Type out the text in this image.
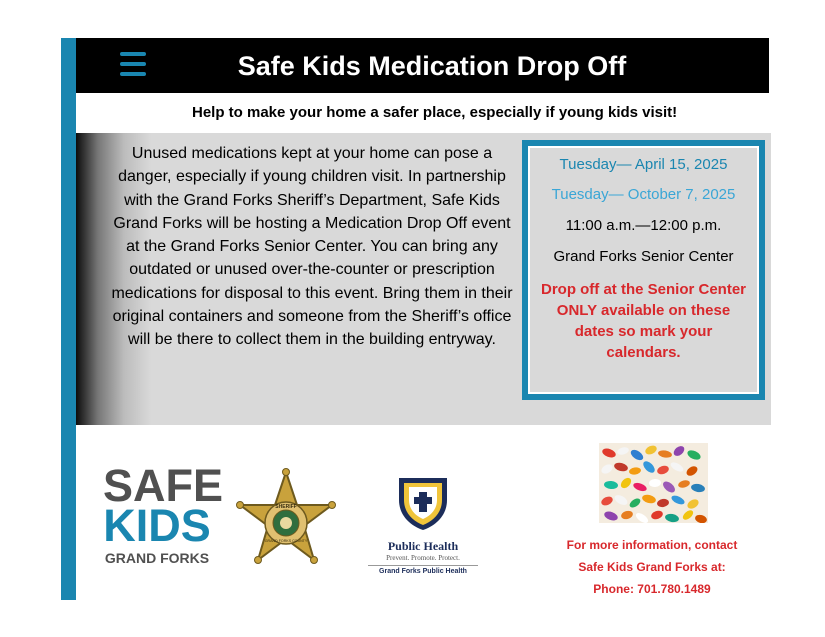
Safe Kids Medication Drop Off
Help to make your home a safer place, especially if young kids visit!
Unused medications kept at your home can pose a danger, especially if young children visit. In partnership with the Grand Forks Sheriff’s Department, Safe Kids Grand Forks will be hosting a Medication Drop Off event at the Grand Forks Senior Center. You can bring any outdated or unused over-the-counter or prescription medications for disposal to this event. Bring them in their original containers and someone from the Sheriff’s office will be there to collect them in the building entryway.
Tuesday— April 15, 2025
Tuesday— October 7, 2025
11:00 a.m.—12:00 p.m.
Grand Forks Senior Center
Drop off at the Senior Center ONLY available on these dates so mark your calendars.
SAFE
KIDS
GRAND FORKS
SHERIFF
GRAND FORKS COUNTY	Public Health
Prevent. Promote. Protect.
Grand Forks Public Health
For more information, contact
Safe Kids Grand Forks at:
Phone: 701.780.1489
